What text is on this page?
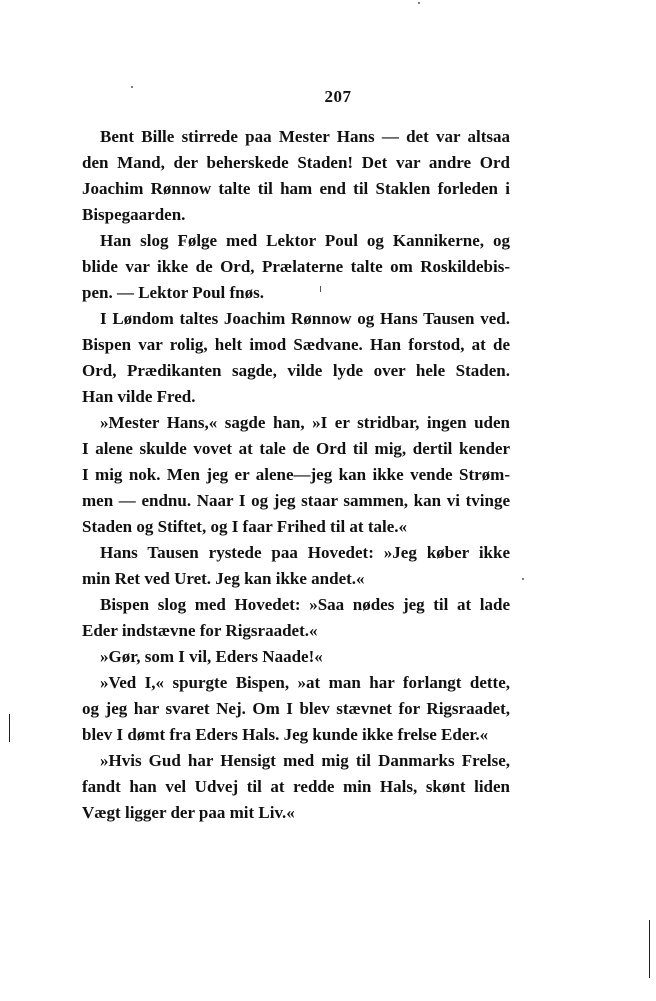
207
Bent Bille stirrede paa Mester Hans — det var altsaa
den Mand, der beherskede Staden! Det var andre Ord
Joachim Rønnow talte til ham end til Staklen forleden i
Bispegaarden.
Han slog Følge med Lektor Poul og Kannikerne, og
blide var ikke de Ord, Prælaterne talte om Roskildebis-
pen. — Lektor Poul fnøs.
I Løndom taltes Joachim Rønnow og Hans Tausen ved.
Bispen var rolig, helt imod Sædvane. Han forstod, at de
Ord, Prædikanten sagde, vilde lyde over hele Staden.
Han vilde Fred.
»Mester Hans,« sagde han, »I er stridbar, ingen uden
I alene skulde vovet at tale de Ord til mig, dertil kender
I mig nok. Men jeg er alene—jeg kan ikke vende Strøm-
men — endnu. Naar I og jeg staar sammen, kan vi tvinge
Staden og Stiftet, og I faar Frihed til at tale.«
Hans Tausen rystede paa Hovedet: »Jeg køber ikke
min Ret ved Uret. Jeg kan ikke andet.«
Bispen slog med Hovedet: »Saa nødes jeg til at lade
Eder indstævne for Rigsraadet.«
»Gør, som I vil, Eders Naade!«
»Ved I,« spurgte Bispen, »at man har forlangt dette,
og jeg har svaret Nej. Om I blev stævnet for Rigsraadet,
blev I dømt fra Eders Hals. Jeg kunde ikke frelse Eder.«
»Hvis Gud har Hensigt med mig til Danmarks Frelse,
fandt han vel Udvej til at redde min Hals, skønt liden
Vægt ligger der paa mit Liv.«
